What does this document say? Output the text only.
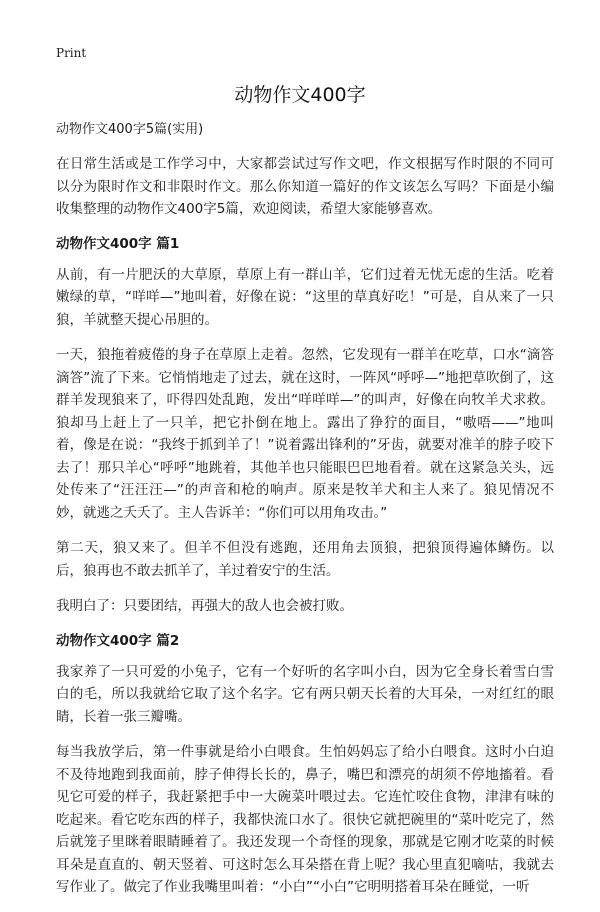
Print
动物作文400字

动物作文400字5篇(实用)

在日常生活或是工作学习中，大家都尝试过写作文吧，作文根据写作时限的不同可以分为限时作文和非限时作文。那么你知道一篇好的作文该怎么写吗？下面是小编收集整理的动物作文400字5篇，欢迎阅读，希望大家能够喜欢。

动物作文400字 篇1

从前，有一片肥沃的大草原，草原上有一群山羊，它们过着无忧无虑的生活。吃着嫩绿的草，“咩咩—”地叫着，好像在说：“这里的草真好吃！”可是，自从来了一只狼，羊就整天提心吊胆的。

一天，狼拖着疲倦的身子在草原上走着。忽然，它发现有一群羊在吃草，口水“滴答滴答”流了下来。它悄悄地走了过去，就在这时，一阵风“呼呼—”地把草吹倒了，这群羊发现狼来了，吓得四处乱跑，发出“咩咩咩—”的叫声，好像在向牧羊犬求救。狼却马上赶上了一只羊，把它扑倒在地上。露出了狰狞的面目，“嗷唔——”地叫着，像是在说：“我终于抓到羊了！”说着露出锋利的”牙齿，就要对准羊的脖子咬下去了！那只羊心“呼呼”地跳着，其他羊也只能眼巴巴地看着。就在这紧急关头，远处传来了“汪汪汪—”的声音和枪的响声。原来是牧羊犬和主人来了。狼见情况不妙，就逃之夭夭了。主人告诉羊：“你们可以用角攻击。”

第二天，狼又来了。但羊不但没有逃跑，还用角去顶狼，把狼顶得遍体鳞伤。以后，狼再也不敢去抓羊了，羊过着安宁的生活。

我明白了：只要团结，再强大的敌人也会被打败。

动物作文400字 篇2

我家养了一只可爱的小兔子，它有一个好听的名字叫小白，因为它全身长着雪白雪白的毛，所以我就给它取了这个名字。它有两只朝天长着的大耳朵，一对红红的眼睛，长着一张三瓣嘴。

每当我放学后，第一件事就是给小白喂食。生怕妈妈忘了给小白喂食。这时小白迫不及待地跑到我面前，脖子伸得长长的，鼻子，嘴巴和漂亮的胡须不停地搐着。看见它可爱的样子，我赶紧把手中一大碗菜叶喂过去。它连忙咬住食物，津津有味的吃起来。看它吃东西的样子，我都快流口水了。很快它就把碗里的“菜叶吃完了，然后就笼子里眯着眼睛睡着了。我还发现一个奇怪的现象，那就是它刚才吃菜的时候耳朵是直直的、朝天竖着、可这时怎么耳朵搭在背上呢？我心里直犯嘀咕，我就去写作业了。做完了作业我嘴里叫着：“小白”“小白”它明明搭着耳朵在睡觉，一听
